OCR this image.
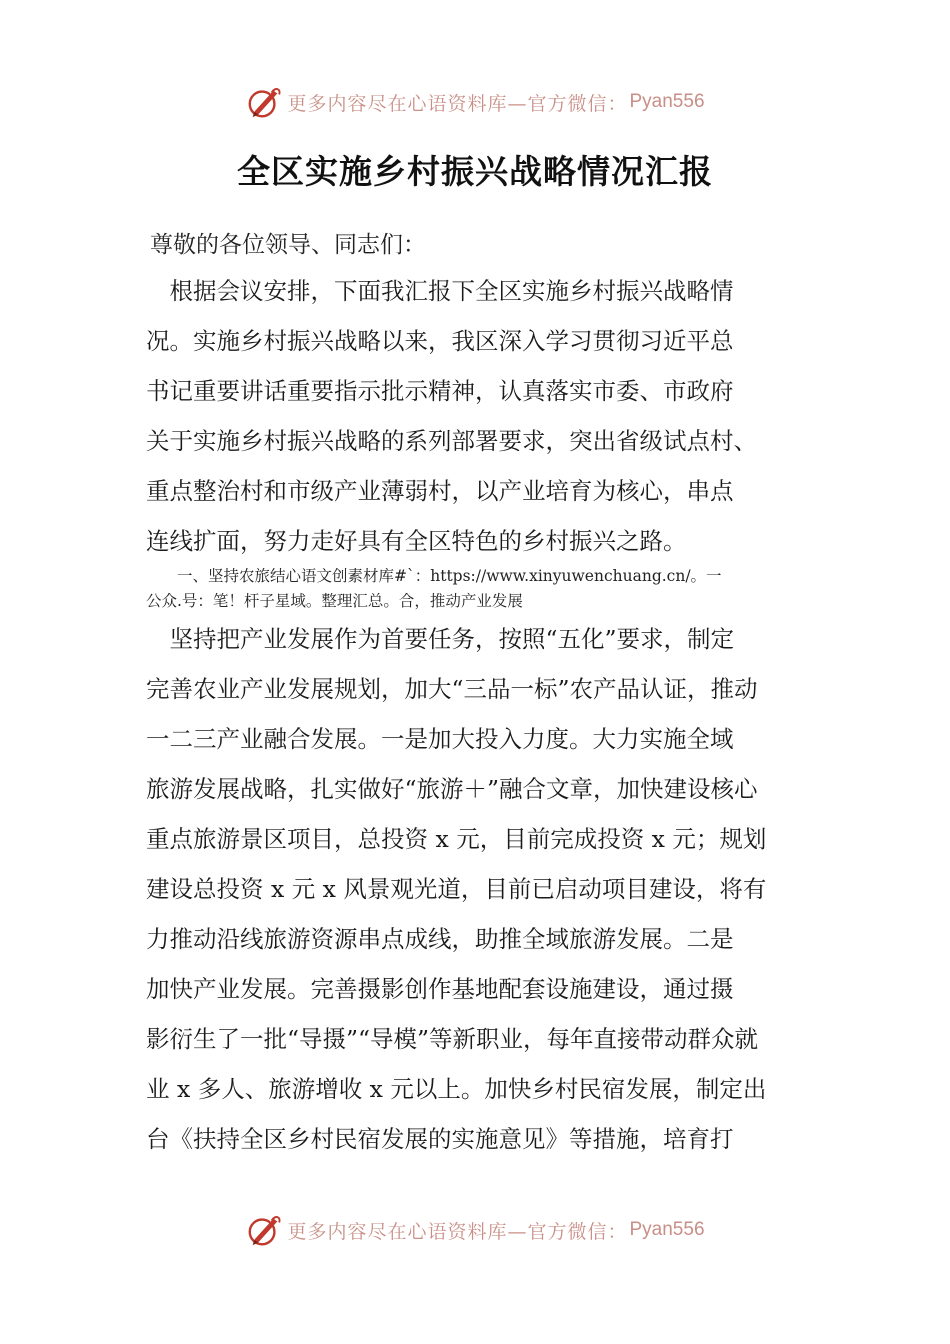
更多内容尽在心语资料库—官方微信： Pyan556
全区实施乡村振兴战略情况汇报
尊敬的各位领导、同志们：
　根据会议安排，下面我汇报下全区实施乡村振兴战略情
况。实施乡村振兴战略以来，我区深入学习贯彻习近平总
书记重要讲话重要指示批示精神，认真落实市委、市政府
关于实施乡村振兴战略的系列部署要求，突出省级试点村、
重点整治村和市级产业薄弱村，以产业培育为核心，串点
连线扩面，努力走好具有全区特色的乡村振兴之路。
　　一、坚持农旅结心语文创素材库#`：https://www.xinyuwenchuang.cn/。一
公众.号：笔！杆子星域。整理汇总。合，推动产业发展
　坚持把产业发展作为首要任务，按照“五化”要求，制定
完善农业产业发展规划，加大“三品一标”农产品认证，推动
一二三产业融合发展。一是加大投入力度。大力实施全域
旅游发展战略，扎实做好“旅游＋”融合文章，加快建设核心
重点旅游景区项目，总投资 x 元，目前完成投资 x 元；规划
建设总投资 x 元 x 风景观光道，目前已启动项目建设，将有
力推动沿线旅游资源串点成线，助推全域旅游发展。二是
加快产业发展。完善摄影创作基地配套设施建设，通过摄
影衍生了一批“导摄”“导模”等新职业，每年直接带动群众就
业 x 多人、旅游增收 x 元以上。加快乡村民宿发展，制定出
台《扶持全区乡村民宿发展的实施意见》等措施，培育打
更多内容尽在心语资料库—官方微信： Pyan556
